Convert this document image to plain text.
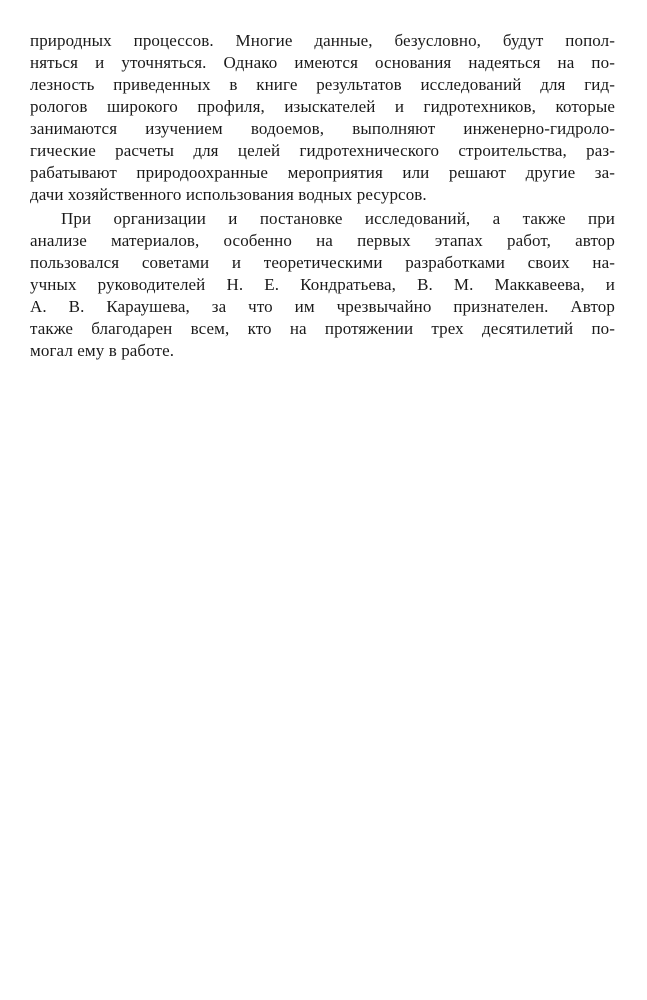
природных процессов. Многие данные, безусловно, будут попол-
няться и уточняться. Однако имеются основания надеяться на по-
лезность приведенных в книге результатов исследований для гид-
рологов широкого профиля, изыскателей и гидротехников, которые
занимаются изучением водоемов, выполняют инженерно-гидроло-
гические расчеты для целей гидротехнического строительства, раз-
рабатывают природоохранные мероприятия или решают другие за-
дачи хозяйственного использования водных ресурсов.
При организации и постановке исследований, а также при
анализе материалов, особенно на первых этапах работ, автор
пользовался советами и теоретическими разработками своих на-
учных руководителей Н. Е. Кондратьева, В. М. Маккавеева, и
А. В. Караушева, за что им чрезвычайно признателен. Автор
также благодарен всем, кто на протяжении трех десятилетий по-
могал ему в работе.
